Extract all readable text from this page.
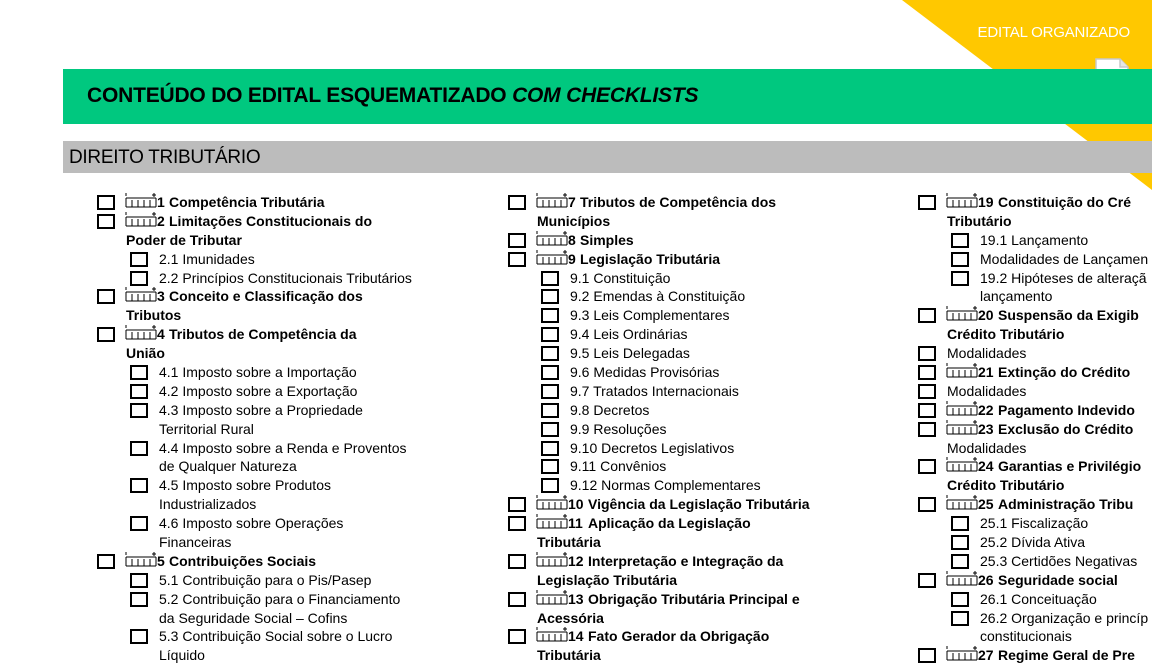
EDITAL ORGANIZADO
CONTEÚDO DO EDITAL ESQUEMATIZADO COM CHECKLISTS
DIREITO TRIBUTÁRIO
1 Competência Tributária
2 Limitações Constitucionais do
Poder de Tributar
2.1 Imunidades
2.2 Princípios Constitucionais Tributários
3 Conceito e Classificação dos
Tributos
4 Tributos de Competência da
União
4.1 Imposto sobre a Importação
4.2 Imposto sobre a Exportação
4.3 Imposto sobre a Propriedade
Territorial Rural
4.4 Imposto sobre a Renda e Proventos
de Qualquer Natureza
4.5 Imposto sobre Produtos
Industrializados
4.6 Imposto sobre Operações
Financeiras
5 Contribuições Sociais
5.1 Contribuição para o Pis/Pasep
5.2 Contribuição para o Financiamento
da Seguridade Social – Cofins
5.3 Contribuição Social sobre o Lucro
Líquido
7 Tributos de Competência dos
Municípios
8 Simples
9 Legislação Tributária
9.1 Constituição
9.2 Emendas à Constituição
9.3 Leis Complementares
9.4 Leis Ordinárias
9.5 Leis Delegadas
9.6 Medidas Provisórias
9.7 Tratados Internacionais
9.8 Decretos
9.9 Resoluções
9.10 Decretos Legislativos
9.11 Convênios
9.12 Normas Complementares
10 Vigência da Legislação Tributária
11 Aplicação da Legislação
Tributária
12 Interpretação e Integração da
Legislação Tributária
13 Obrigação Tributária Principal e
Acessória
14 Fato Gerador da Obrigação
Tributária
19 Constituição do Cré
Tributário
19.1 Lançamento
Modalidades de Lançamen
19.2 Hipóteses de alteraçã
lançamento
20 Suspensão da Exigib
Crédito Tributário
Modalidades
21 Extinção do Crédito
Modalidades
22 Pagamento Indevido
23 Exclusão do Crédito
Modalidades
24 Garantias e Privilégio
Crédito Tributário
25 Administração Tribu
25.1 Fiscalização
25.2 Dívida Ativa
25.3 Certidões Negativas
26 Seguridade social
26.1 Conceituação
26.2 Organização e princíp
constitucionais
27 Regime Geral de Pre
